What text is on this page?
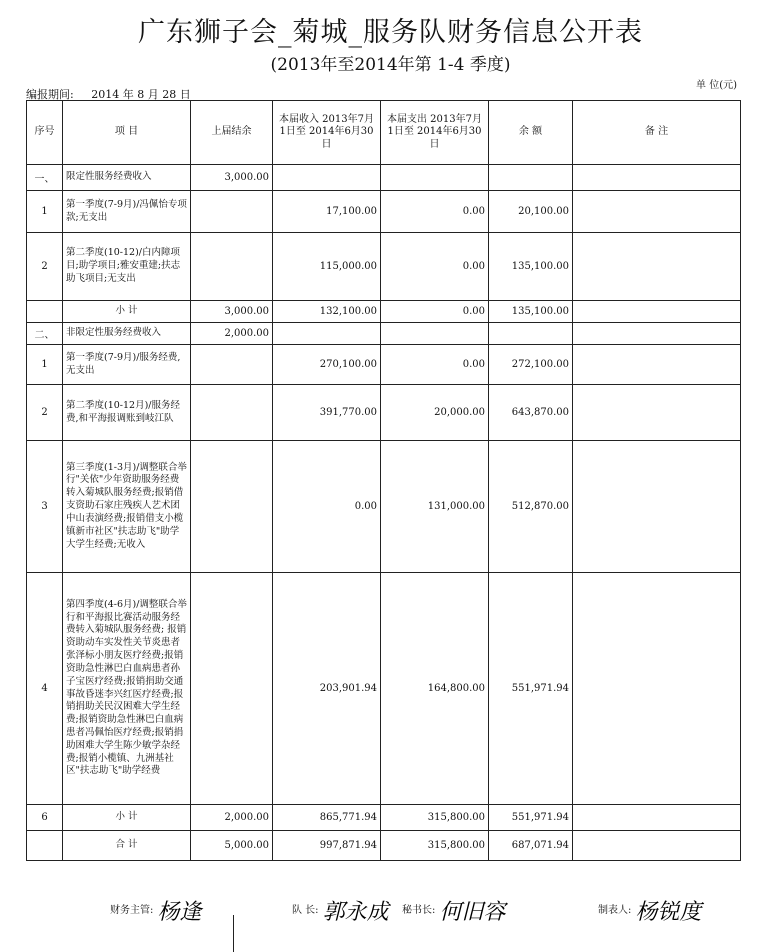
广东狮子会_菊城_服务队财务信息公开表
(2013年至2014年第 1-4 季度)
编报期间: 2014 年 8 月 28 日
单 位(元)
序号	项 目	上届结余	本届收入 2013年7月1日至 2014年6月30日	本届支出 2013年7月1日至 2014年6月30日	余 额	备 注
一、	限定性服务经费收入	3,000.00				
1	第一季度(7-9月)/冯佩怡专项款;无支出		17,100.00	0.00	20,100.00	
2	第二季度(10-12)/白内障项目;助学项目;雅安重建;扶志助飞项目;无支出		115,000.00	0.00	135,100.00	
	小 计	3,000.00	132,100.00	0.00	135,100.00	
二、	非限定性服务经费收入	2,000.00				
1	第一季度(7-9月)/服务经费,无支出		270,100.00	0.00	272,100.00	
2	第二季度(10-12月)/服务经费,和平海报调账到岐江队		391,770.00	20,000.00	643,870.00	
3	第三季度(1-3月)/调整联合举行"关依"少年资助服务经费转入菊城队服务经费;报销借支资助石家庄残疾人艺术团中山表演经费;报销借支小榄镇新市社区"扶志助飞"助学大学生经费;无收入		0.00	131,000.00	512,870.00	
4	第四季度(4-6月)/调整联合举行和平海报比赛活动服务经费转入菊城队服务经费; 报销资助动车实发性关节炎患者张泽标小朋友医疗经费;报销资助急性淋巴白血病患者孙子宝医疗经费;报销捐助交通事故昏迷李兴红医疗经费;报销捐助关民汉困难大学生经费;报销资助急性淋巴白血病患者冯佩怡医疗经费;报销捐助困难大学生陈少敏学杂经费;报销小榄镇、九洲基社区"扶志助飞"助学经费		203,901.94	164,800.00	551,971.94	
6	小 计	2,000.00	865,771.94	315,800.00	551,971.94	
	合 计	5,000.00	997,871.94	315,800.00	687,071.94	
财务主管: 杨逢	队 长: 郭永成 秘书长: 何旧容	制表人: 杨锐度
